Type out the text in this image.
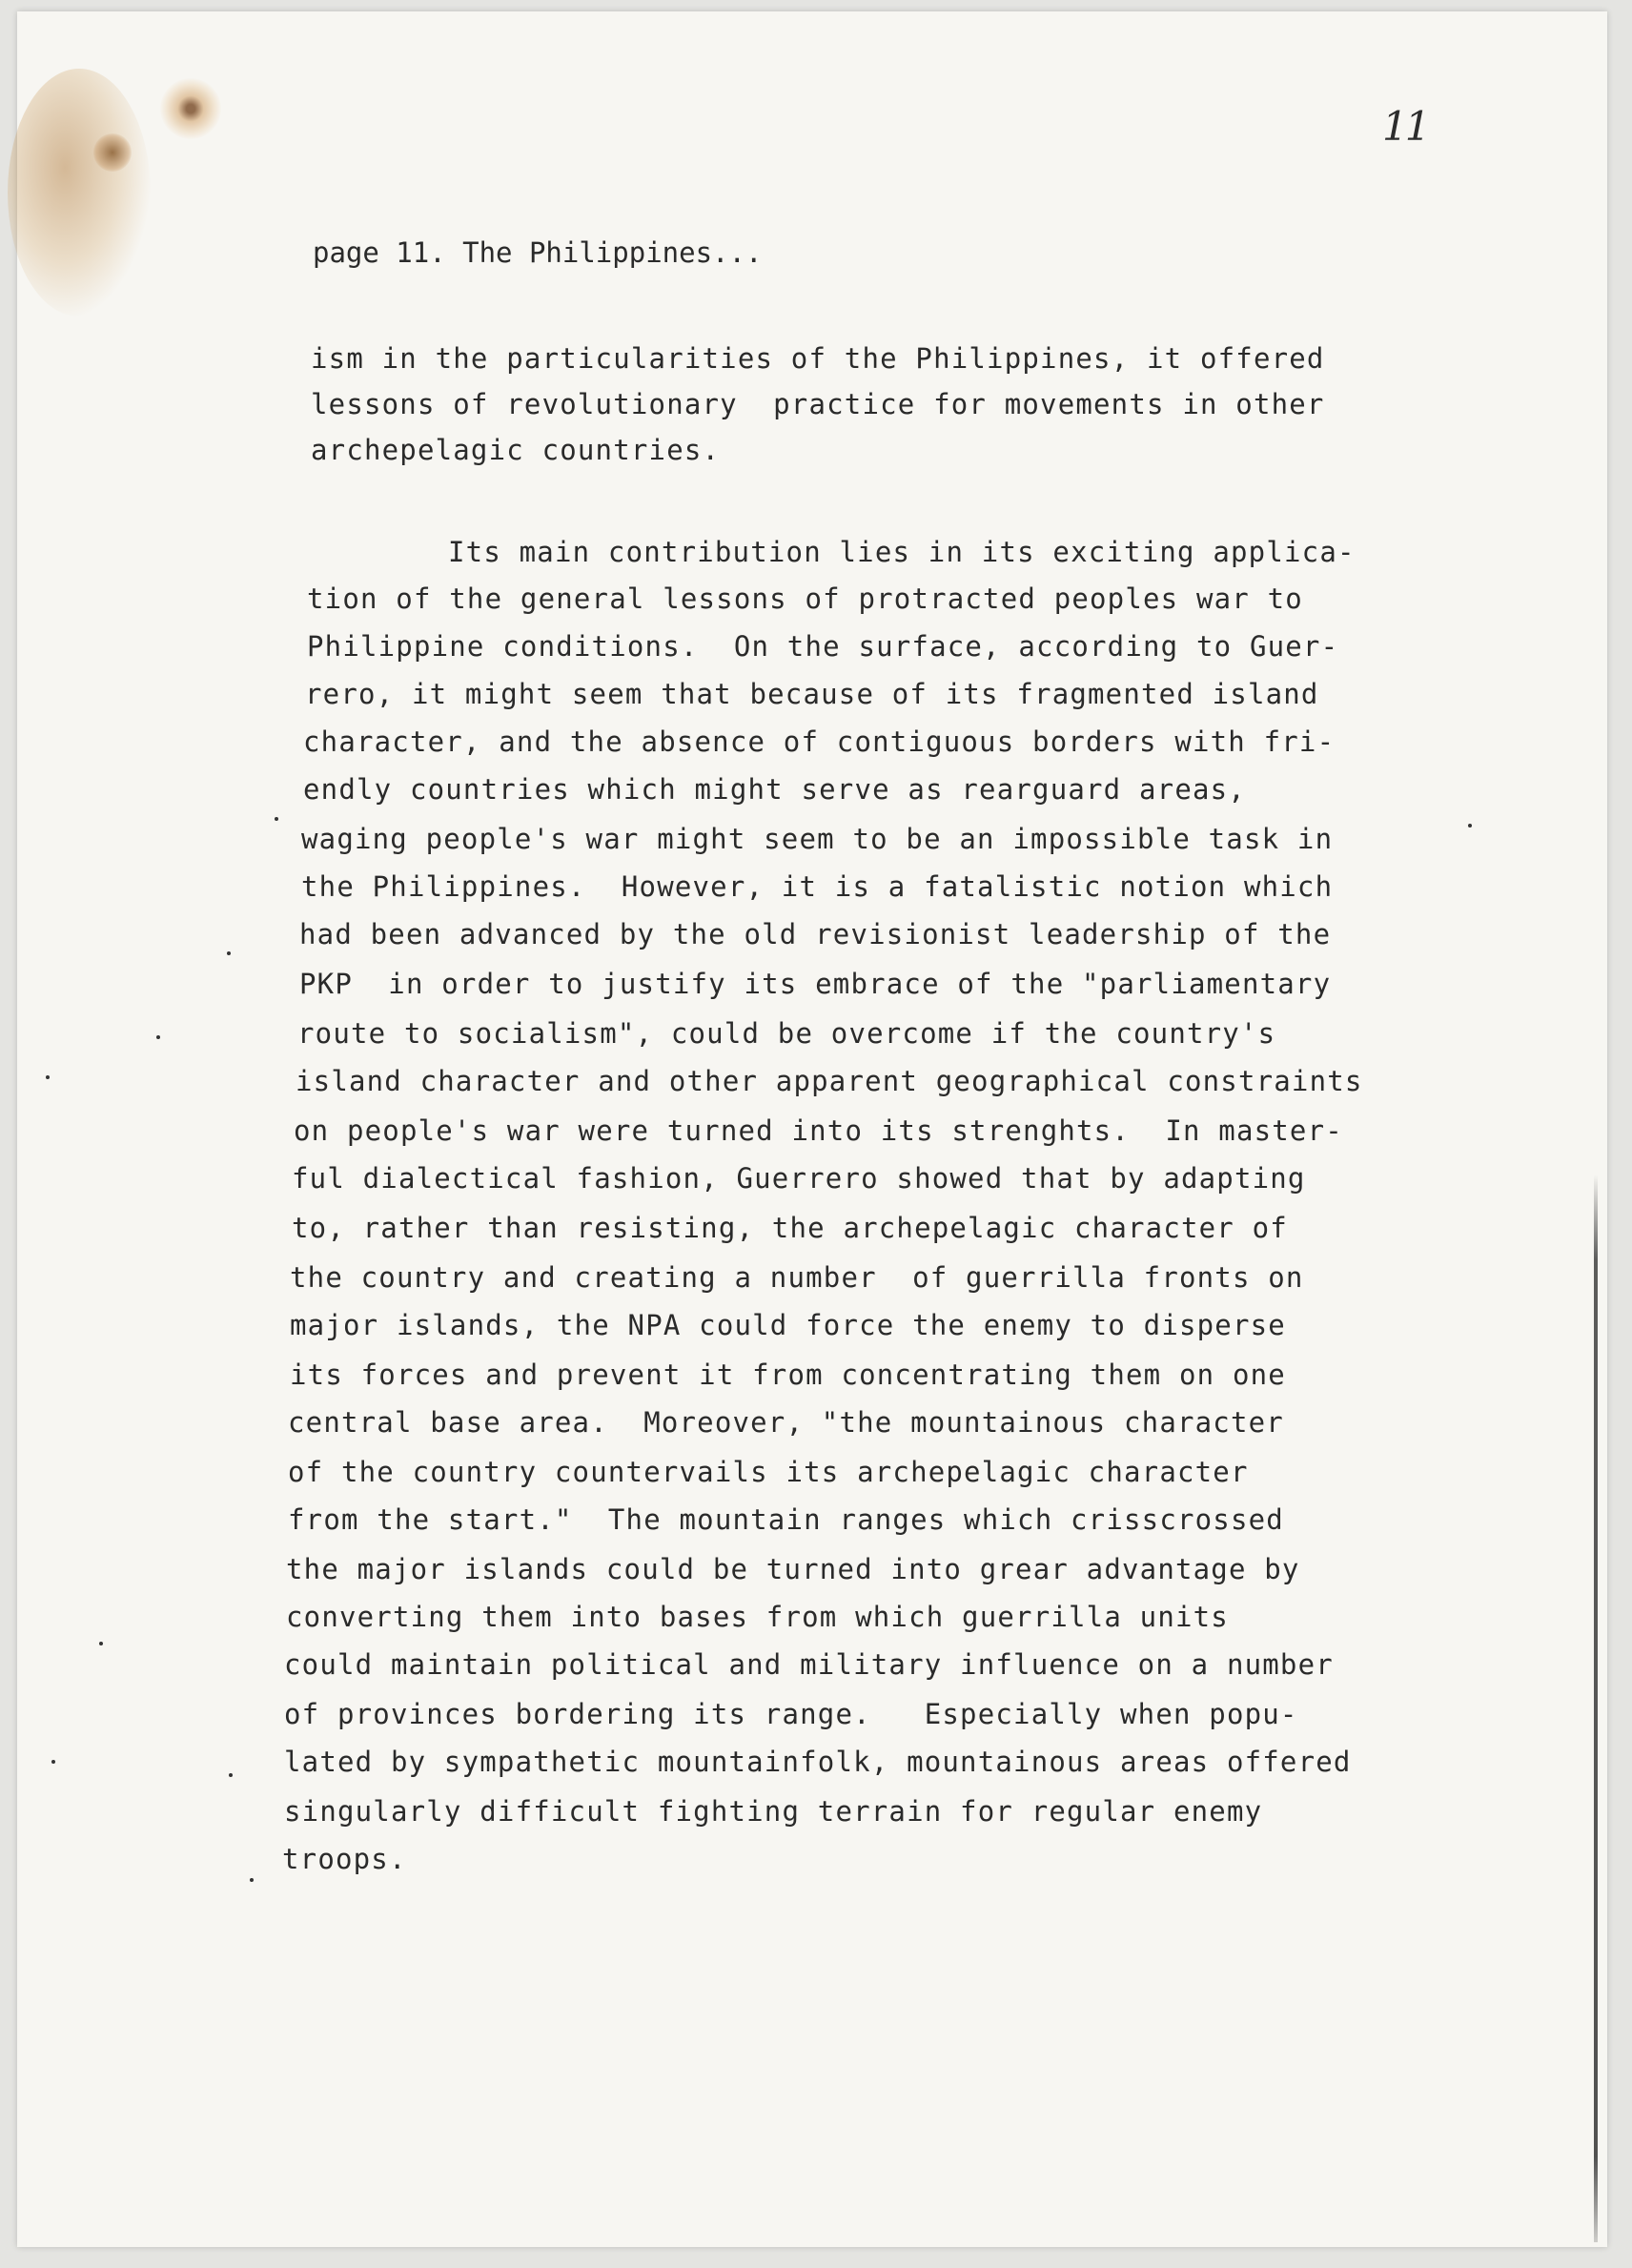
11
page 11. The Philippines...
ism in the particularities of the Philippines, it offered
lessons of revolutionary  practice for movements in other
archepelagic countries.
Its main contribution lies in its exciting applica-
tion of the general lessons of protracted peoples war to
Philippine conditions.  On the surface, according to Guer-
rero, it might seem that because of its fragmented island
character, and the absence of contiguous borders with fri-
endly countries which might serve as rearguard areas,
waging people's war might seem to be an impossible task in
the Philippines.  However, it is a fatalistic notion which
had been advanced by the old revisionist leadership of the
PKP  in order to justify its embrace of the "parliamentary
route to socialism", could be overcome if the country's
island character and other apparent geographical constraints
on people's war were turned into its strenghts.  In master-
ful dialectical fashion, Guerrero showed that by adapting
to, rather than resisting, the archepelagic character of
the country and creating a number  of guerrilla fronts on
major islands, the NPA could force the enemy to disperse
its forces and prevent it from concentrating them on one
central base area.  Moreover, "the mountainous character
of the country countervails its archepelagic character
from the start."  The mountain ranges which crisscrossed
the major islands could be turned into grear advantage by
converting them into bases from which guerrilla units
could maintain political and military influence on a number
of provinces bordering its range.   Especially when popu-
lated by sympathetic mountainfolk, mountainous areas offered
singularly difficult fighting terrain for regular enemy
troops.
